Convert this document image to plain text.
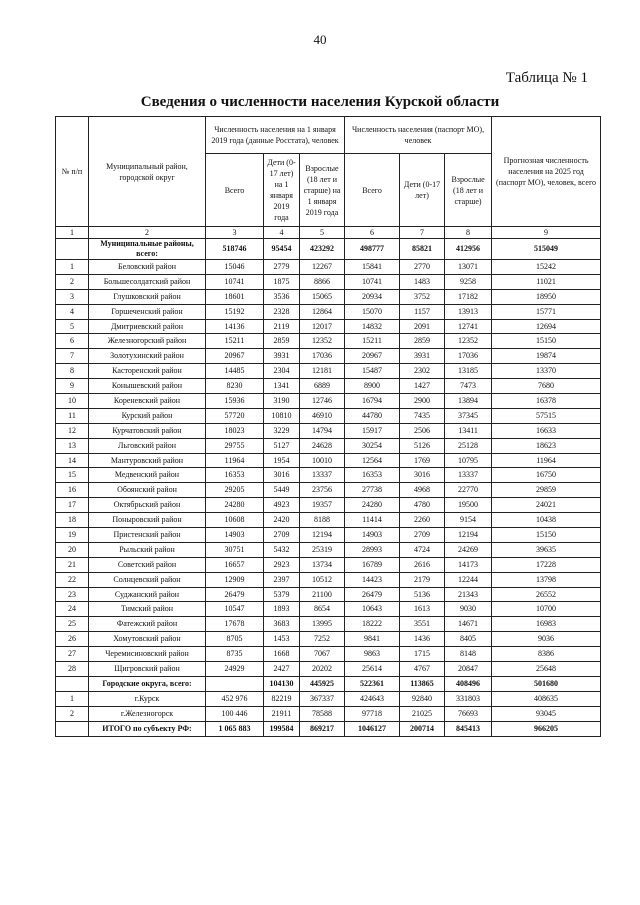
40
Таблица № 1
Сведения о численности населения Курской области
№ п/п	Муниципальный район, городской округ	Численность населения на 1 января 2019 года (данные Росстата), человек			Численность населения (паспорт МО), человек			Прогнозная численность населения на 2025 год (паспорт МО), человек, всего
		Всего	Дети (0-17 лет) на 1 января 2019 года	Взрослые (18 лет и старше) на 1 января 2019 года	Всего	Дети (0-17 лет)	Взрослые (18 лет и старше)	
1	2	3	4	5	6	7	8	9
	Муниципальные районы, всего:	518746	95454	423292	498777	85821	412956	515049
1	Беловский район	15046	2779	12267	15841	2770	13071	15242
2	Большесолдатский район	10741	1875	8866	10741	1483	9258	11021
3	Глушковский район	18601	3536	15065	20934	3752	17182	18950
4	Горшеченский район	15192	2328	12864	15070	1157	13913	15771
5	Дмитриевский район	14136	2119	12017	14832	2091	12741	12694
6	Железногорский район	15211	2859	12352	15211	2859	12352	15150
7	Золотухинский район	20967	3931	17036	20967	3931	17036	19874
8	Касторенский район	14485	2304	12181	15487	2302	13185	13370
9	Конышевский район	8230	1341	6889	8900	1427	7473	7680
10	Кореневский район	15936	3190	12746	16794	2900	13894	16378
11	Курский район	57720	10810	46910	44780	7435	37345	57515
12	Курчатовский район	18023	3229	14794	15917	2506	13411	16633
13	Льговский район	29755	5127	24628	30254	5126	25128	18623
14	Мантуровский район	11964	1954	10010	12564	1769	10795	11964
15	Медвенский район	16353	3016	13337	16353	3016	13337	16750
16	Обоянский район	29205	5449	23756	27738	4968	22770	29859
17	Октябрьский район	24280	4923	19357	24280	4780	19500	24021
18	Поныровский район	10608	2420	8188	11414	2260	9154	10438
19	Пристенский район	14903	2709	12194	14903	2709	12194	15150
20	Рыльский район	30751	5432	25319	28993	4724	24269	39635
21	Советский район	16657	2923	13734	16789	2616	14173	17228
22	Солнцевский район	12909	2397	10512	14423	2179	12244	13798
23	Суджанский район	26479	5379	21100	26479	5136	21343	26552
24	Тимский район	10547	1893	8654	10643	1613	9030	10700
25	Фатежский район	17678	3683	13995	18222	3551	14671	16983
26	Хомутовский район	8705	1453	7252	9841	1436	8405	9036
27	Черемисиновский район	8735	1668	7067	9863	1715	8148	8386
28	Щигровский район	24929	2427	20202	25614	4767	20847	25648
	Городские округа, всего:		104130	445925	522361	113865	408496	501680
1	г.Курск	452 976	82219	367337	424643	92840	331803	408635
2	г.Железногорск	100 446	21911	78588	97718	21025	76693	93045
	ИТОГО по субъекту РФ:	1 065 883	199584	869217	1046127	200714	845413	966205
